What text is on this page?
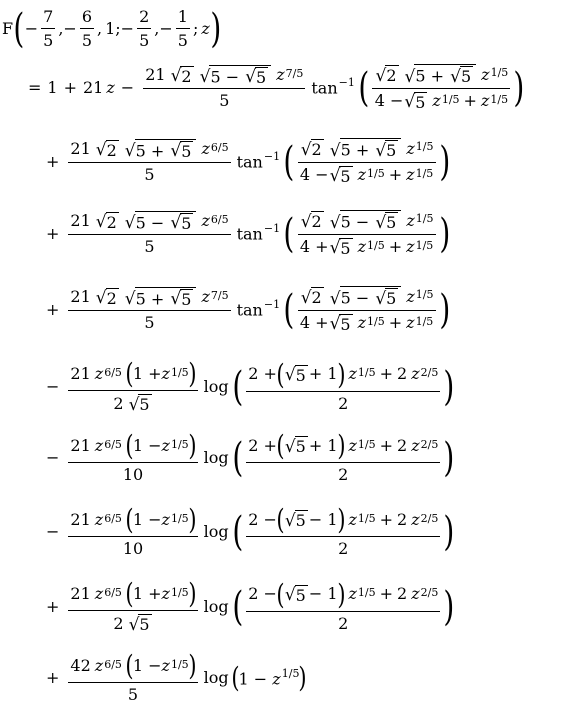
F ( − $\frac{7}{5}$ , − $\frac{6}{5}$ , 1 ; − $\frac{2}{5}$ , − $\frac{1}{5}$ ; z )
= 1 + 21 $z - \frac{21 √ 2 √ 5 - √ 5 z 7/5}{5} \tan^{-1}$ ( $\frac{√ 2 √ 5 + √ 5 z 1/5}{4 - √ 5 z 1/5 + z 1/5}$ )
+ $\frac{21 √ 2 √ 5 + √ 5 z 6/5}{5} \tan^{-1}$ ( $\frac{√ 2 √ 5 + √ 5 z 1/5}{4 - √ 5 z 1/5 + z 1/5}$ )
+ $\frac{21 √ 2 √ 5 - √ 5 z 6/5}{5} \tan^{-1}$ ( $\frac{√ 2 √ 5 - √ 5 z 1/5}{4 + √ 5 z 1/5 + z 1/5}$ )
+ $\frac{21 √ 2 √ 5 + √ 5 z 7/5}{5} \tan^{-1}$ ( $\frac{√ 2 √ 5 - √ 5 z 1/5}{4 + √ 5 z 1/5 + z 1/5}$ )
− $\frac{21 z 6/5 ( 1 + z 1/5 )}{2 √ 5}$ log ( $\frac{2 + ( √ 5 + 1 ) z 1/5 + 2 z 2/5}{2}$ )
− $\frac{21 z 6/5 ( 1 - z 1/5 )}{10}$ log ( $\frac{2 + ( √ 5 + 1 ) z 1/5 + 2 z 2/5}{2}$ )
− $\frac{21 z 6/5 ( 1 - z 1/5 )}{10}$ log ( $\frac{2 - ( √ 5 - 1 ) z 1/5 + 2 z 2/5}{2}$ )
+ $\frac{21 z 6/5 ( 1 + z 1/5 )}{2 √ 5}$ log ( $\frac{2 - ( √ 5 - 1 ) z 1/5 + 2 z 2/5}{2}$ )
+ $\frac{42 z 6/5 ( 1 - z 1/5 )}{5}$ log ( $1 - z^{1/5}$ )
